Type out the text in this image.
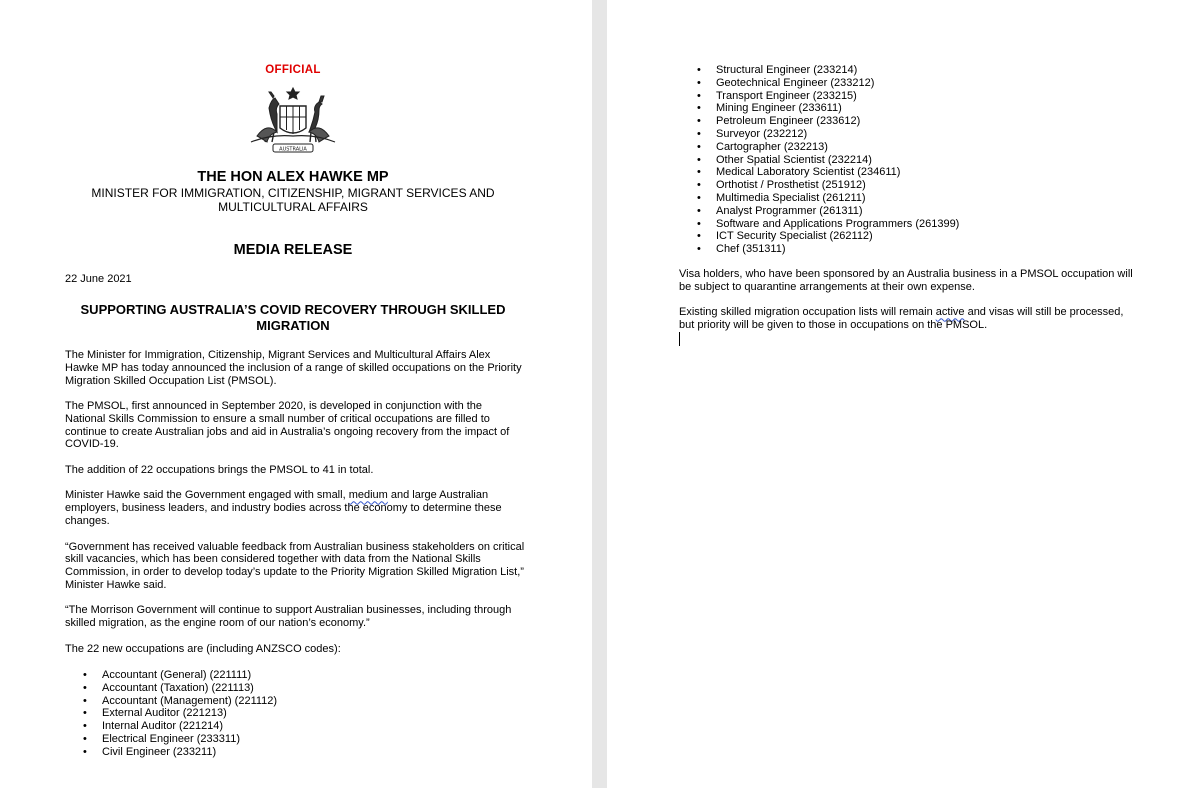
OFFICIAL
AUSTRALIA
THE HON ALEX HAWKE MP
MINISTER FOR IMMIGRATION, CITIZENSHIP, MIGRANT SERVICES AND MULTICULTURAL AFFAIRS
MEDIA RELEASE
22 June 2021
SUPPORTING AUSTRALIA’S COVID RECOVERY THROUGH SKILLED MIGRATION

The Minister for Immigration, Citizenship, Migrant Services and Multicultural Affairs Alex Hawke MP has today announced the inclusion of a range of skilled occupations on the Priority Migration Skilled Occupation List (PMSOL).

The PMSOL, first announced in September 2020, is developed in conjunction with the National Skills Commission to ensure a small number of critical occupations are filled to continue to create Australian jobs and aid in Australia’s ongoing recovery from the impact of COVID-19.

The addition of 22 occupations brings the PMSOL to 41 in total.

Minister Hawke said the Government engaged with small, medium and large Australian employers, business leaders, and industry bodies across the economy to determine these changes.

“Government has received valuable feedback from Australian business stakeholders on critical skill vacancies, which has been considered together with data from the National Skills Commission, in order to develop today’s update to the Priority Migration Skilled Migration List,” Minister Hawke said.

“The Morrison Government will continue to support Australian businesses, including through skilled migration, as the engine room of our nation’s economy.”

The 22 new occupations are (including ANZSCO codes):

• Accountant (General) (221111)
• Accountant (Taxation) (221113)
• Accountant (Management) (221112)
• External Auditor (221213)
• Internal Auditor (221214)
• Electrical Engineer (233311)
• Civil Engineer (233211)
• Structural Engineer (233214)
• Geotechnical Engineer (233212)
• Transport Engineer (233215)
• Mining Engineer (233611)
• Petroleum Engineer (233612)
• Surveyor (232212)
• Cartographer (232213)
• Other Spatial Scientist (232214)
• Medical Laboratory Scientist (234611)
• Orthotist / Prosthetist (251912)
• Multimedia Specialist (261211)
• Analyst Programmer (261311)
• Software and Applications Programmers (261399)
• ICT Security Specialist (262112)
• Chef (351311)

Visa holders, who have been sponsored by an Australia business in a PMSOL occupation will be subject to quarantine arrangements at their own expense.

Existing skilled migration occupation lists will remain active and visas will still be processed, but priority will be given to those in occupations on the PMSOL.
